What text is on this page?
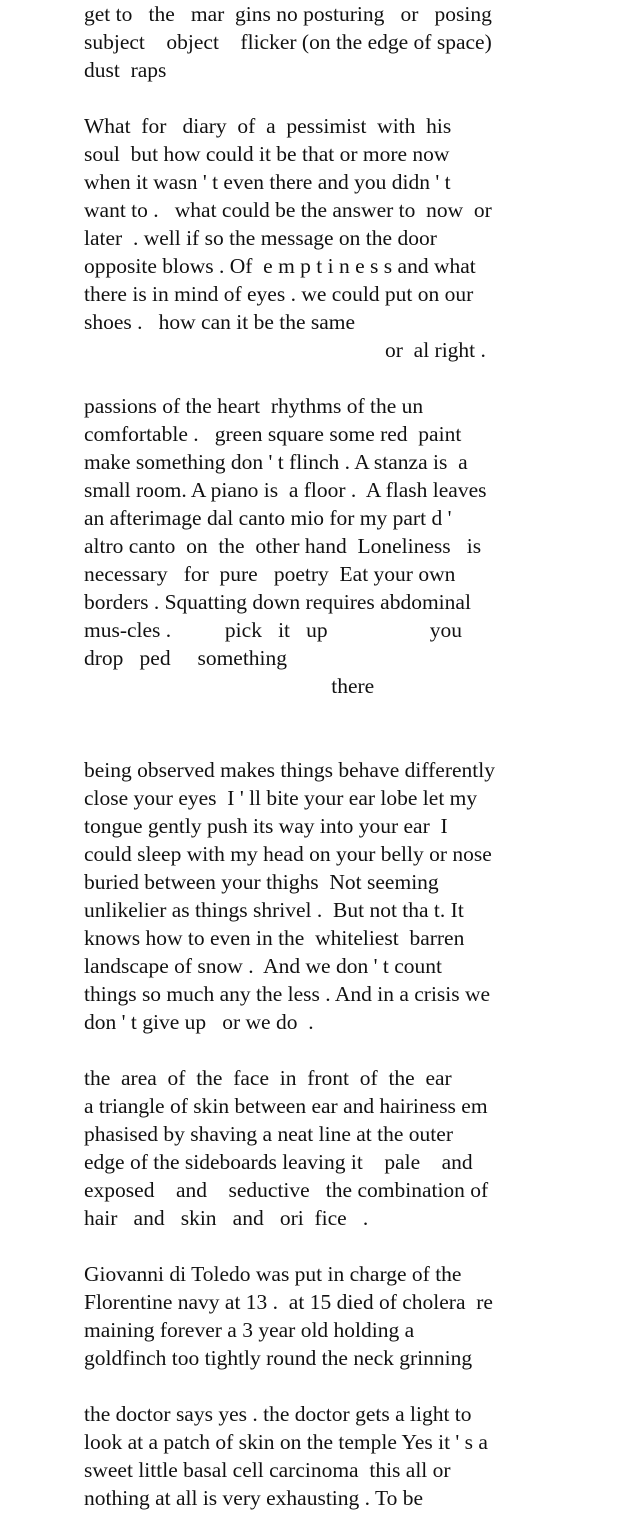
get to   the   mar  gins no posturing   or   posing
subject    object    flicker (on the edge of space)
dust  raps
What  for   diary  of  a  pessimist  with  his
soul  but how could it be that or more now
when it wasn ' t even there and you didn ' t
want to .   what could be the answer to  now  or
later  . well if so the message on the door
opposite blows . Of  e m p t i n e s s and what
there is in mind of eyes . we could put on our
shoes .   how can it be the same
or  al right .
passions of the heart  rhythms of the un
comfortable .   green square some red  paint
make something don ' t flinch . A stanza is  a
small room. A piano is  a floor .  A flash leaves
an afterimage dal canto mio for my part d '
altro canto  on  the  other hand  Loneliness   is
necessary   for  pure   poetry  Eat your own
borders . Squatting down requires abdominal
mus-cles .          pick   it   up                   you
drop   ped     something
there
being observed makes things behave differently
close your eyes  I ' ll bite your ear lobe let my
tongue gently push its way into your ear  I
could sleep with my head on your belly or nose
buried between your thighs  Not seeming
unlikelier as things shrivel .  But not tha t. It
knows how to even in the  whiteliest  barren
landscape of snow .  And we don ' t count
things so much any the less . And in a crisis we
don ' t give up   or we do  .
the  area  of  the  face  in  front  of  the  ear
a triangle of skin between ear and hairiness em
phasised by shaving a neat line at the outer
edge of the sideboards leaving it    pale    and
exposed    and    seductive   the combination of
hair   and   skin   and   ori  fice   .
Giovanni di Toledo was put in charge of the
Florentine navy at 13 .  at 15 died of cholera  re
maining forever a 3 year old holding a
goldfinch too tightly round the neck grinning
the doctor says yes . the doctor gets a light to
look at a patch of skin on the temple Yes it ' s a
sweet little basal cell carcinoma  this all or
nothing at all is very exhausting . To be
